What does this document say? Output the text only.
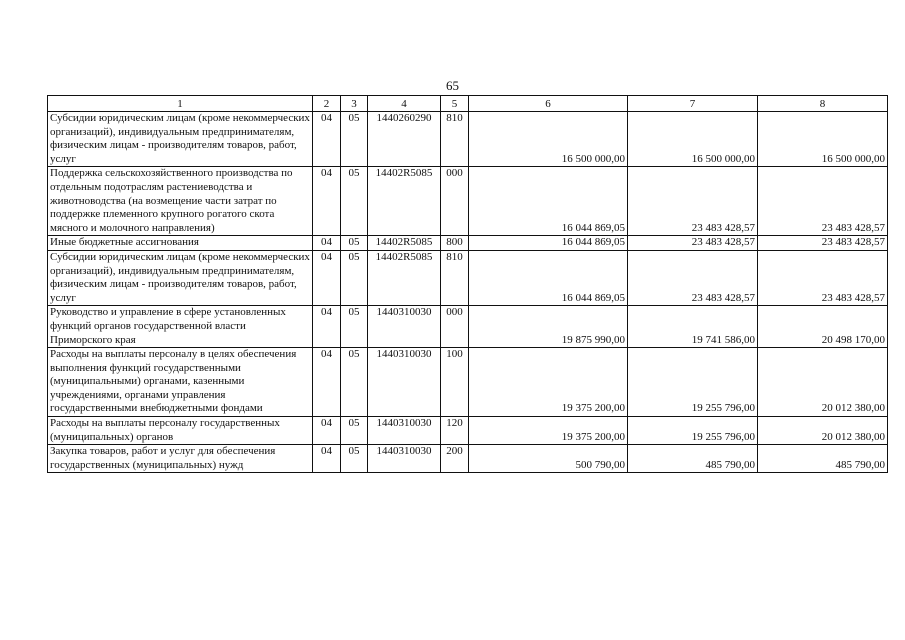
65
1	2	3	4	5	6	7	8
Субсидии юридическим лицам (кроме некоммерческих организаций), индивидуальным предпринимателям, физическим лицам - производителям товаров, работ, услуг	04	05	1440260290	810	16 500 000,00	16 500 000,00	16 500 000,00
Поддержка сельскохозяйственного производства по отдельным подотраслям растениеводства и животноводства (на возмещение части затрат по поддержке племенного крупного рогатого скота мясного и молочного направления)	04	05	14402R5085	000	16 044 869,05	23 483 428,57	23 483 428,57
Иные бюджетные ассигнования	04	05	14402R5085	800	16 044 869,05	23 483 428,57	23 483 428,57
Субсидии юридическим лицам (кроме некоммерческих организаций), индивидуальным предпринимателям, физическим лицам - производителям товаров, работ, услуг	04	05	14402R5085	810	16 044 869,05	23 483 428,57	23 483 428,57
Руководство и управление в сфере установленных функций органов государственной власти Приморского края	04	05	1440310030	000	19 875 990,00	19 741 586,00	20 498 170,00
Расходы на выплаты персоналу в целях обеспечения выполнения функций государственными (муниципальными) органами, казенными учреждениями, органами управления государственными внебюджетными фондами	04	05	1440310030	100	19 375 200,00	19 255 796,00	20 012 380,00
Расходы на выплаты персоналу государственных (муниципальных) органов	04	05	1440310030	120	19 375 200,00	19 255 796,00	20 012 380,00
Закупка товаров, работ и услуг для обеспечения государственных (муниципальных) нужд	04	05	1440310030	200	500 790,00	485 790,00	485 790,00
